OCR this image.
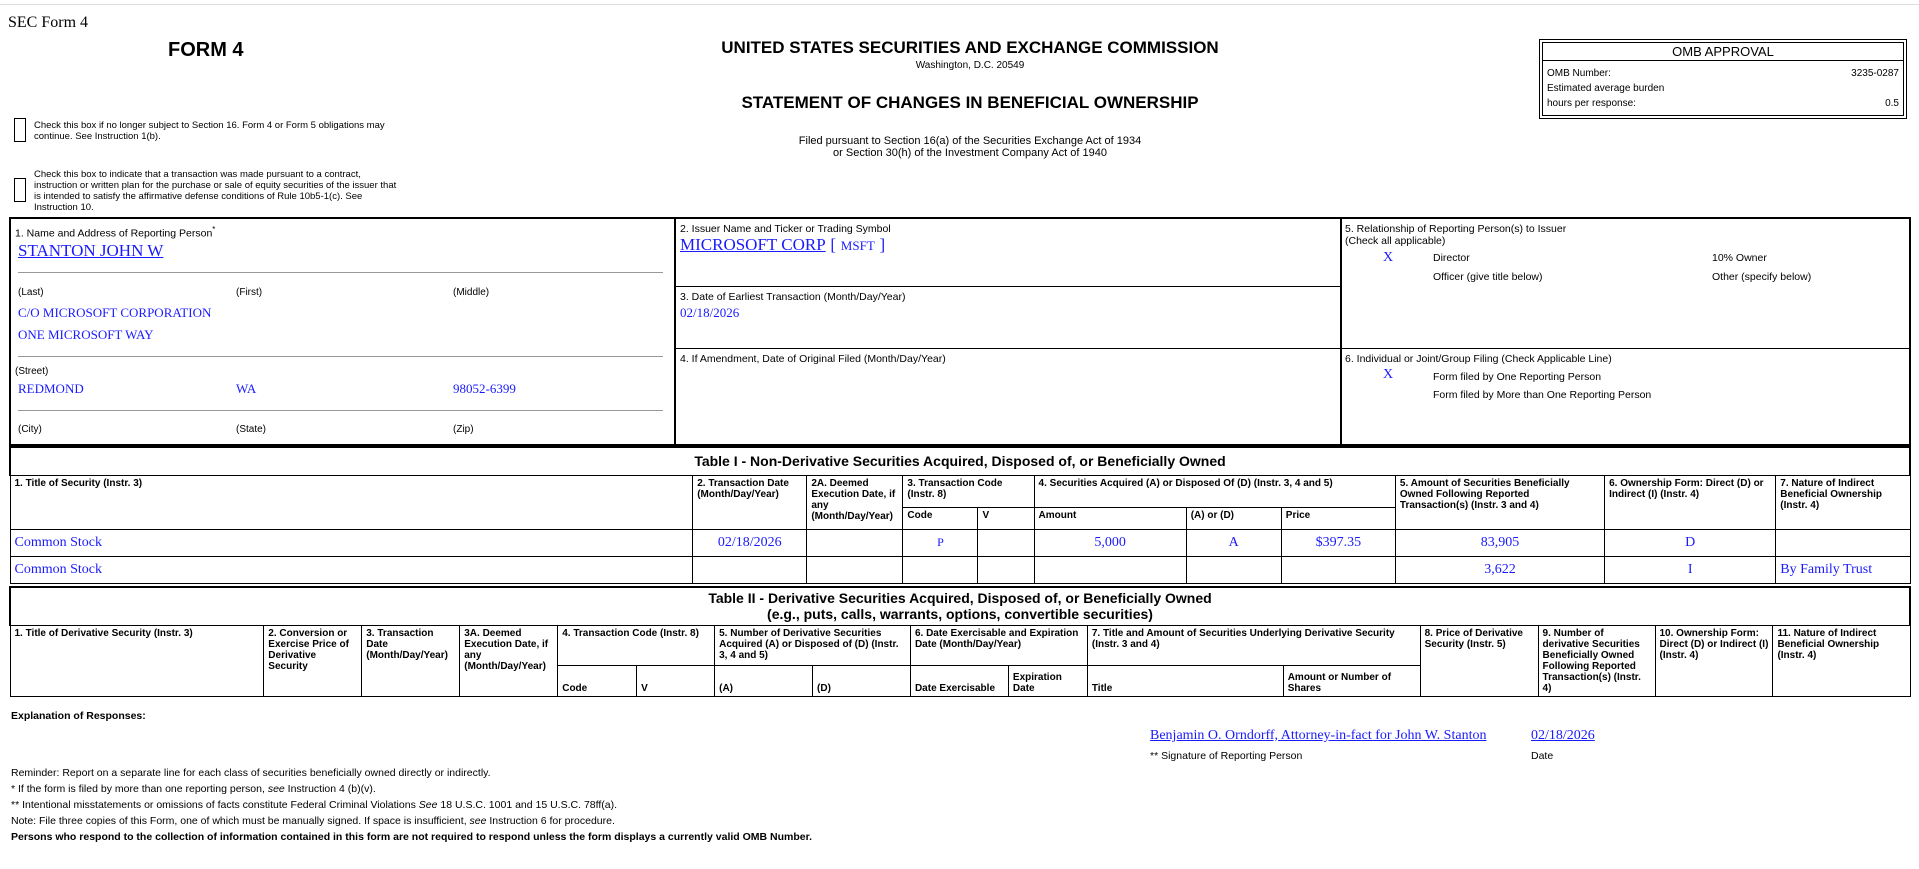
SEC Form 4
FORM 4	UNITED STATES SECURITIES AND EXCHANGE COMMISSION
Washington, D.C. 20549
STATEMENT OF CHANGES IN BENEFICIAL OWNERSHIP
Filed pursuant to Section 16(a) of the Securities Exchange Act of 1934
or Section 30(h) of the Investment Company Act of 1940
OMB APPROVAL
OMB Number:	3235-0287
Estimated average burden
hours per response:	0.5
Check this box if no longer subject to Section 16. Form 4 or Form 5 obligations may continue. See Instruction 1(b).
Check this box to indicate that a transaction was made pursuant to a contract, instruction or written plan for the purchase or sale of equity securities of the issuer that is intended to satisfy the affirmative defense conditions of Rule 10b5-1(c). See Instruction 10.
1. Name and Address of Reporting Person*
STANTON JOHN W
(Last)	(First)	(Middle)
C/O MICROSOFT CORPORATION
ONE MICROSOFT WAY
(Street)
REDMOND	WA	98052-6399
(City)	(State)	(Zip)
2. Issuer Name and Ticker or Trading Symbol
MICROSOFT CORP [ MSFT ]
3. Date of Earliest Transaction (Month/Day/Year)
02/18/2026
4. If Amendment, Date of Original Filed (Month/Day/Year)
5. Relationship of Reporting Person(s) to Issuer
(Check all applicable)
X	Director	10% Owner
Officer (give title below)	Other (specify below)
6. Individual or Joint/Group Filing (Check Applicable Line)
X	Form filed by One Reporting Person
Form filed by More than One Reporting Person
Table I - Non-Derivative Securities Acquired, Disposed of, or Beneficially Owned										
1. Title of Security (Instr. 3)	2. Transaction Date (Month/Day/Year)	2A. Deemed Execution Date, if any (Month/Day/Year)	3. Transaction Code (Instr. 8)		4. Securities Acquired (A) or Disposed Of (D) (Instr. 3, 4 and 5)			5. Amount of Securities Beneficially Owned Following Reported Transaction(s) (Instr. 3 and 4)	6. Ownership Form: Direct (D) or Indirect (I) (Instr. 4)	7. Nature of Indirect Beneficial Ownership (Instr. 4)
			Code	V	Amount	(A) or (D)	Price			
Common Stock	02/18/2026		P		5,000	A	$397.35	83,905	D	
Common Stock								3,622	I	By Family Trust
Table II - Derivative Securities Acquired, Disposed of, or Beneficially Owned
(e.g., puts, calls, warrants, options, convertible securities)															

1. Title of Derivative Security (Instr. 3)	2. Conversion or Exercise Price of Derivative Security	3. Transaction Date (Month/Day/Year)	3A. Deemed Execution Date, if any (Month/Day/Year)	4. Transaction Code (Instr. 8)		5. Number of Derivative Securities Acquired (A) or Disposed of (D) (Instr. 3, 4 and 5)		6. Date Exercisable and Expiration Date (Month/Day/Year)		7. Title and Amount of Securities Underlying Derivative Security (Instr. 3 and 4)		8. Price of Derivative Security (Instr. 5)	9. Number of derivative Securities Beneficially Owned Following Reported Transaction(s) (Instr. 4)	10. Ownership Form: Direct (D) or Indirect (I) (Instr. 4)	11. Nature of Indirect Beneficial Ownership (Instr. 4)
				Code	V	(A)	(D)	Date Exercisable	Expiration Date	Title	Amount or Number of Shares				
Explanation of Responses:
Benjamin O. Orndorff, Attorney-in-fact for John W. Stanton	02/18/2026
** Signature of Reporting Person	Date
Reminder: Report on a separate line for each class of securities beneficially owned directly or indirectly.
* If the form is filed by more than one reporting person, see Instruction 4 (b)(v).
** Intentional misstatements or omissions of facts constitute Federal Criminal Violations See 18 U.S.C. 1001 and 15 U.S.C. 78ff(a).
Note: File three copies of this Form, one of which must be manually signed. If space is insufficient, see Instruction 6 for procedure.
Persons who respond to the collection of information contained in this form are not required to respond unless the form displays a currently valid OMB Number.
